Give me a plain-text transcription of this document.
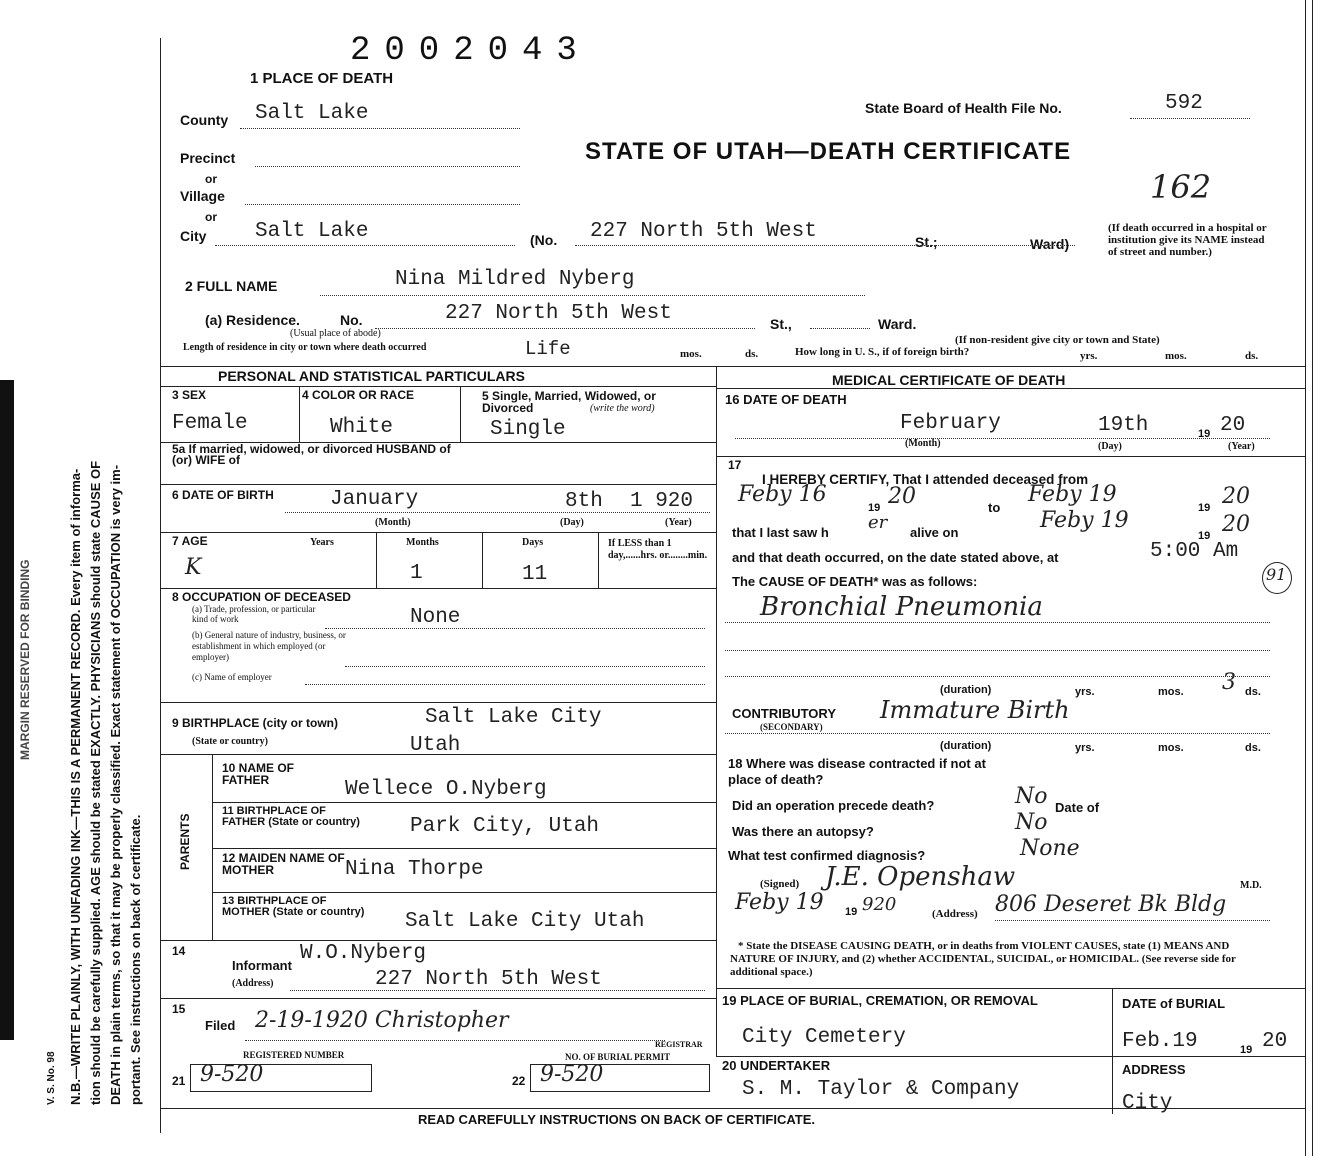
MARGIN RESERVED FOR BINDING	N.B.—WRITE PLAINLY, WITH UNFADING INK—THIS IS A PERMANENT RECORD. Every item of informa- tion should be carefully supplied. AGE should be stated EXACTLY. PHYSICIANS should state CAUSE OF DEATH in plain terms, so that it may be properly classified. Exact statement of OCCUPATION is very im- portant. See instructions on back of certificate.
V. S. No. 98
2002043
1 PLACE OF DEATH
State Board of Health File No.	592
STATE OF UTAH—DEATH CERTIFICATE
162
County Salt Lake
Precinct
or
Village
or
City Salt Lake	(No. 227 North 5th West	St.;	Ward)
(If death occurred in a hospital or institution give its NAME instead of street and number.)
2 FULL NAME	Nina Mildred Nyberg
(a) Residence.	No.	227 North 5th West	St.,	Ward.
(Usual place of abode)
(If non-resident give city or town and State)
Length of residence in city or town where death occurred	Life	mos.	ds.	How long in U. S., if of foreign birth?	yrs.	mos.	ds.
PERSONAL AND STATISTICAL PARTICULARS	MEDICAL CERTIFICATE OF DEATH
3 SEX
Female
4 COLOR OR RACE
White
5 Single, Married, Widowed, or Divorced	(write the word)
Single
5a If married, widowed, or divorced HUSBAND of (or) WIFE of
6 DATE OF BIRTH	January	8th 1 920
(Month)	(Day)	(Year)
7 AGE	Years	Months	Days	If LESS than 1 day,......hrs. or........min.
K	1	11
8 OCCUPATION OF DECEASED
(a) Trade, profession, or particular kind of work
(b) General nature of industry, business, or establishment in which employed (or employer)
(c) Name of employer
None
9 BIRTHPLACE (city or town)	Salt Lake City
(State or country)	Utah
PARENTS
10 NAME OF FATHER	Wellece O.Nyberg
11 BIRTHPLACE OF FATHER (State or country)	Park City, Utah
12 MAIDEN NAME OF MOTHER	Nina Thorpe
13 BIRTHPLACE OF MOTHER (State or country)	Salt Lake City Utah
14
Informant
W.O.Nyberg
(Address)	227 North 5th West
15
Filed 2-19-1920 Christopher
REGISTRAR
REGISTERED NUMBER	NO. OF BURIAL PERMIT
21 9-520	22 9-520
16 DATE OF DEATH
February	19th	19 20
(Month)	(Day)	(Year)
17
I HEREBY CERTIFY, That I attended deceased from
Feby 16
19 20	to
Feby 19
19 20
that I last saw h er alive on	Feby 19
19 20
and that death occurred, on the date stated above, at	5:00 Am
91
The CAUSE OF DEATH* was as follows:
Bronchial Pneumonia
(duration)	yrs.	mos. 3 ds.
CONTRIBUTORY
(SECONDARY)
Immature Birth
(duration)	yrs.	mos.	ds.
18 Where was disease contracted if not at place of death?
Did an operation precede death?	No Date of
Was there an autopsy?	No
What test confirmed diagnosis?	None
(Signed) J.E. Openshaw	M.D.
Feby 19 19 920	(Address) 806 Deseret Bk Bldg
* State the DISEASE CAUSING DEATH, or in deaths from VIOLENT CAUSES, state (1) MEANS AND NATURE OF INJURY, and (2) whether ACCIDENTAL, SUICIDAL, or HOMICIDAL. (See reverse side for additional space.)
19 PLACE OF BURIAL, CREMATION, OR REMOVAL
City Cemetery
DATE of BURIAL
Feb.19	19 20
20 UNDERTAKER
S. M. Taylor & Company
ADDRESS
City
READ CAREFULLY INSTRUCTIONS ON BACK OF CERTIFICATE.
